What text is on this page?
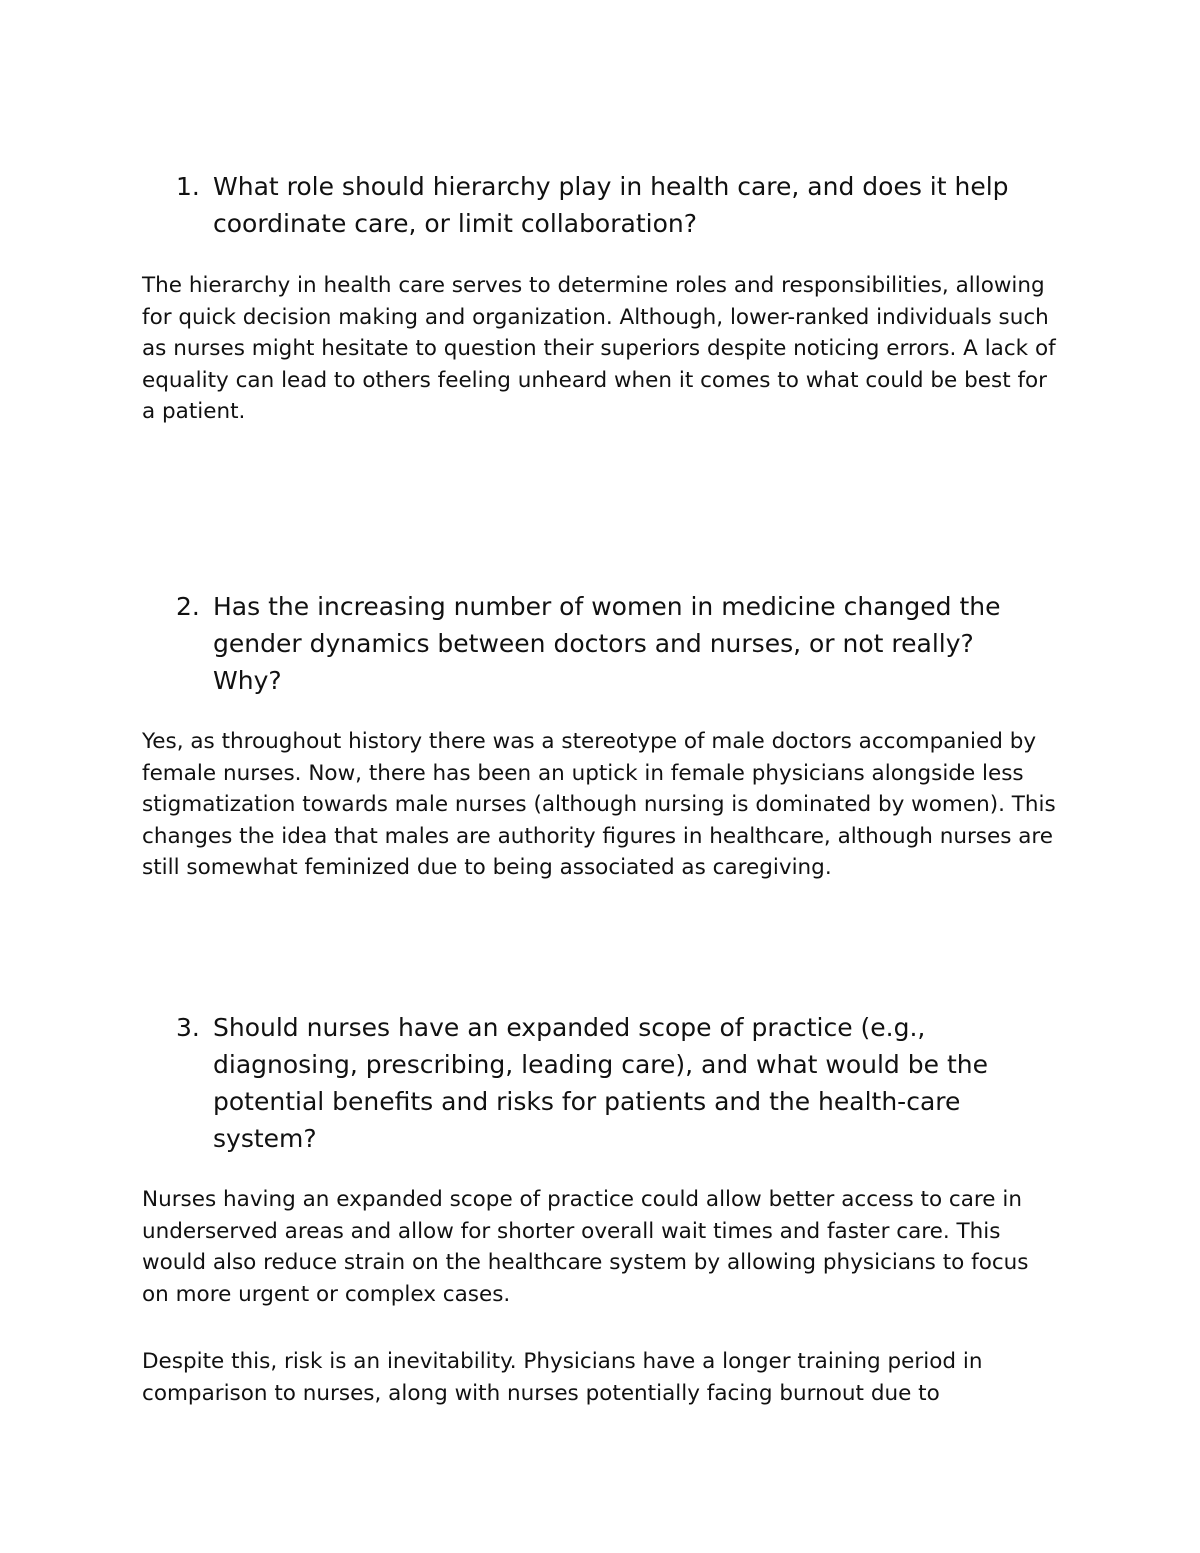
1. What role should hierarchy play in health care, and does it help coordinate care, or limit collaboration?

The hierarchy in health care serves to determine roles and responsibilities, allowing for quick decision making and organization. Although, lower-ranked individuals such as nurses might hesitate to question their superiors despite noticing errors. A lack of equality can lead to others feeling unheard when it comes to what could be best for a patient.

2. Has the increasing number of women in medicine changed the gender dynamics between doctors and nurses, or not really? Why?

Yes, as throughout history there was a stereotype of male doctors accompanied by female nurses. Now, there has been an uptick in female physicians alongside less stigmatization towards male nurses (although nursing is dominated by women). This changes the idea that males are authority figures in healthcare, although nurses are still somewhat feminized due to being associated as caregiving.

3. Should nurses have an expanded scope of practice (e.g., diagnosing, prescribing, leading care), and what would be the potential benefits and risks for patients and the health-care system?

Nurses having an expanded scope of practice could allow better access to care in underserved areas and allow for shorter overall wait times and faster care. This would also reduce strain on the healthcare system by allowing physicians to focus on more urgent or complex cases.

Despite this, risk is an inevitability. Physicians have a longer training period in comparison to nurses, along with nurses potentially facing burnout due to
